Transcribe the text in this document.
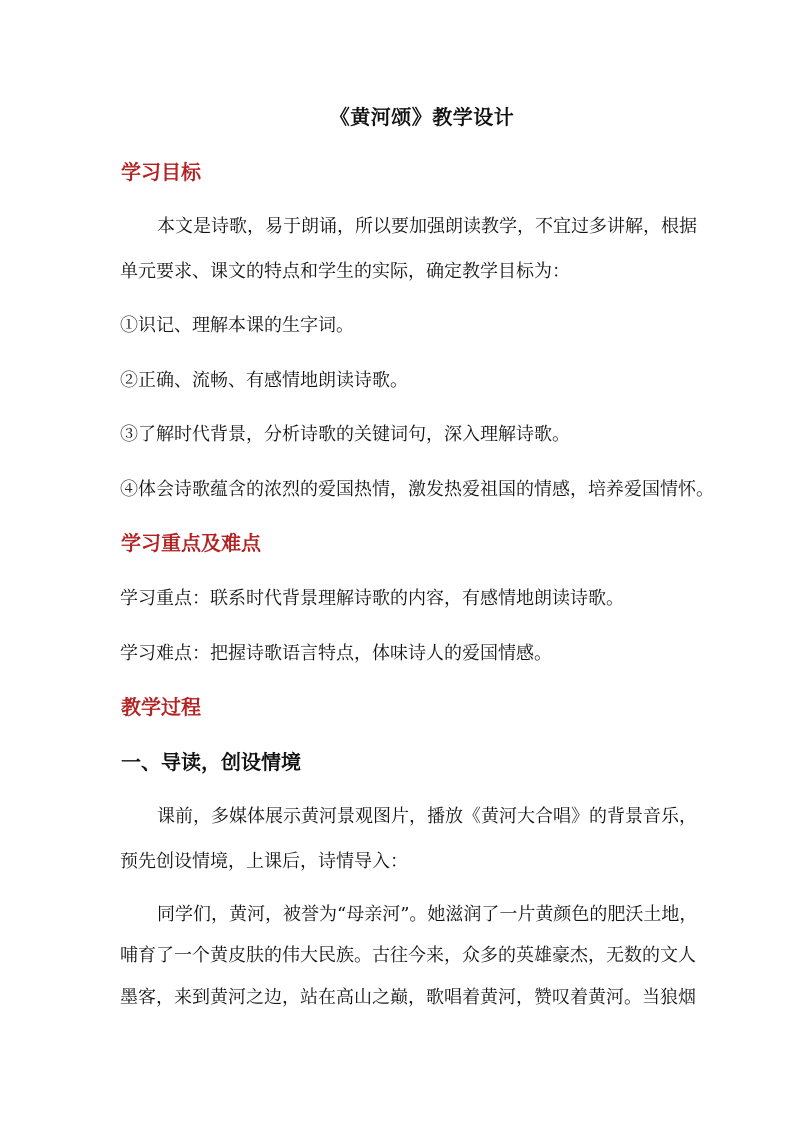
《黄河颂》教学设计
学习目标
本文是诗歌，易于朗诵，所以要加强朗读教学，不宜过多讲解，根据
单元要求、课文的特点和学生的实际，确定教学目标为：
①识记、理解本课的生字词。
②正确、流畅、有感情地朗读诗歌。
③了解时代背景，分析诗歌的关键词句，深入理解诗歌。
④体会诗歌蕴含的浓烈的爱国热情，激发热爱祖国的情感，培养爱国情怀。
学习重点及难点
学习重点：联系时代背景理解诗歌的内容，有感情地朗读诗歌。
学习难点：把握诗歌语言特点，体味诗人的爱国情感。
教学过程
一、导读，创设情境
课前，多媒体展示黄河景观图片，播放《黄河大合唱》的背景音乐，
预先创设情境，上课后，诗情导入：
同学们，黄河，被誉为“母亲河”。她滋润了一片黄颜色的肥沃土地，
哺育了一个黄皮肤的伟大民族。古往今来，众多的英雄豪杰，无数的文人
墨客，来到黄河之边，站在高山之巅，歌唱着黄河，赞叹着黄河。当狼烟
